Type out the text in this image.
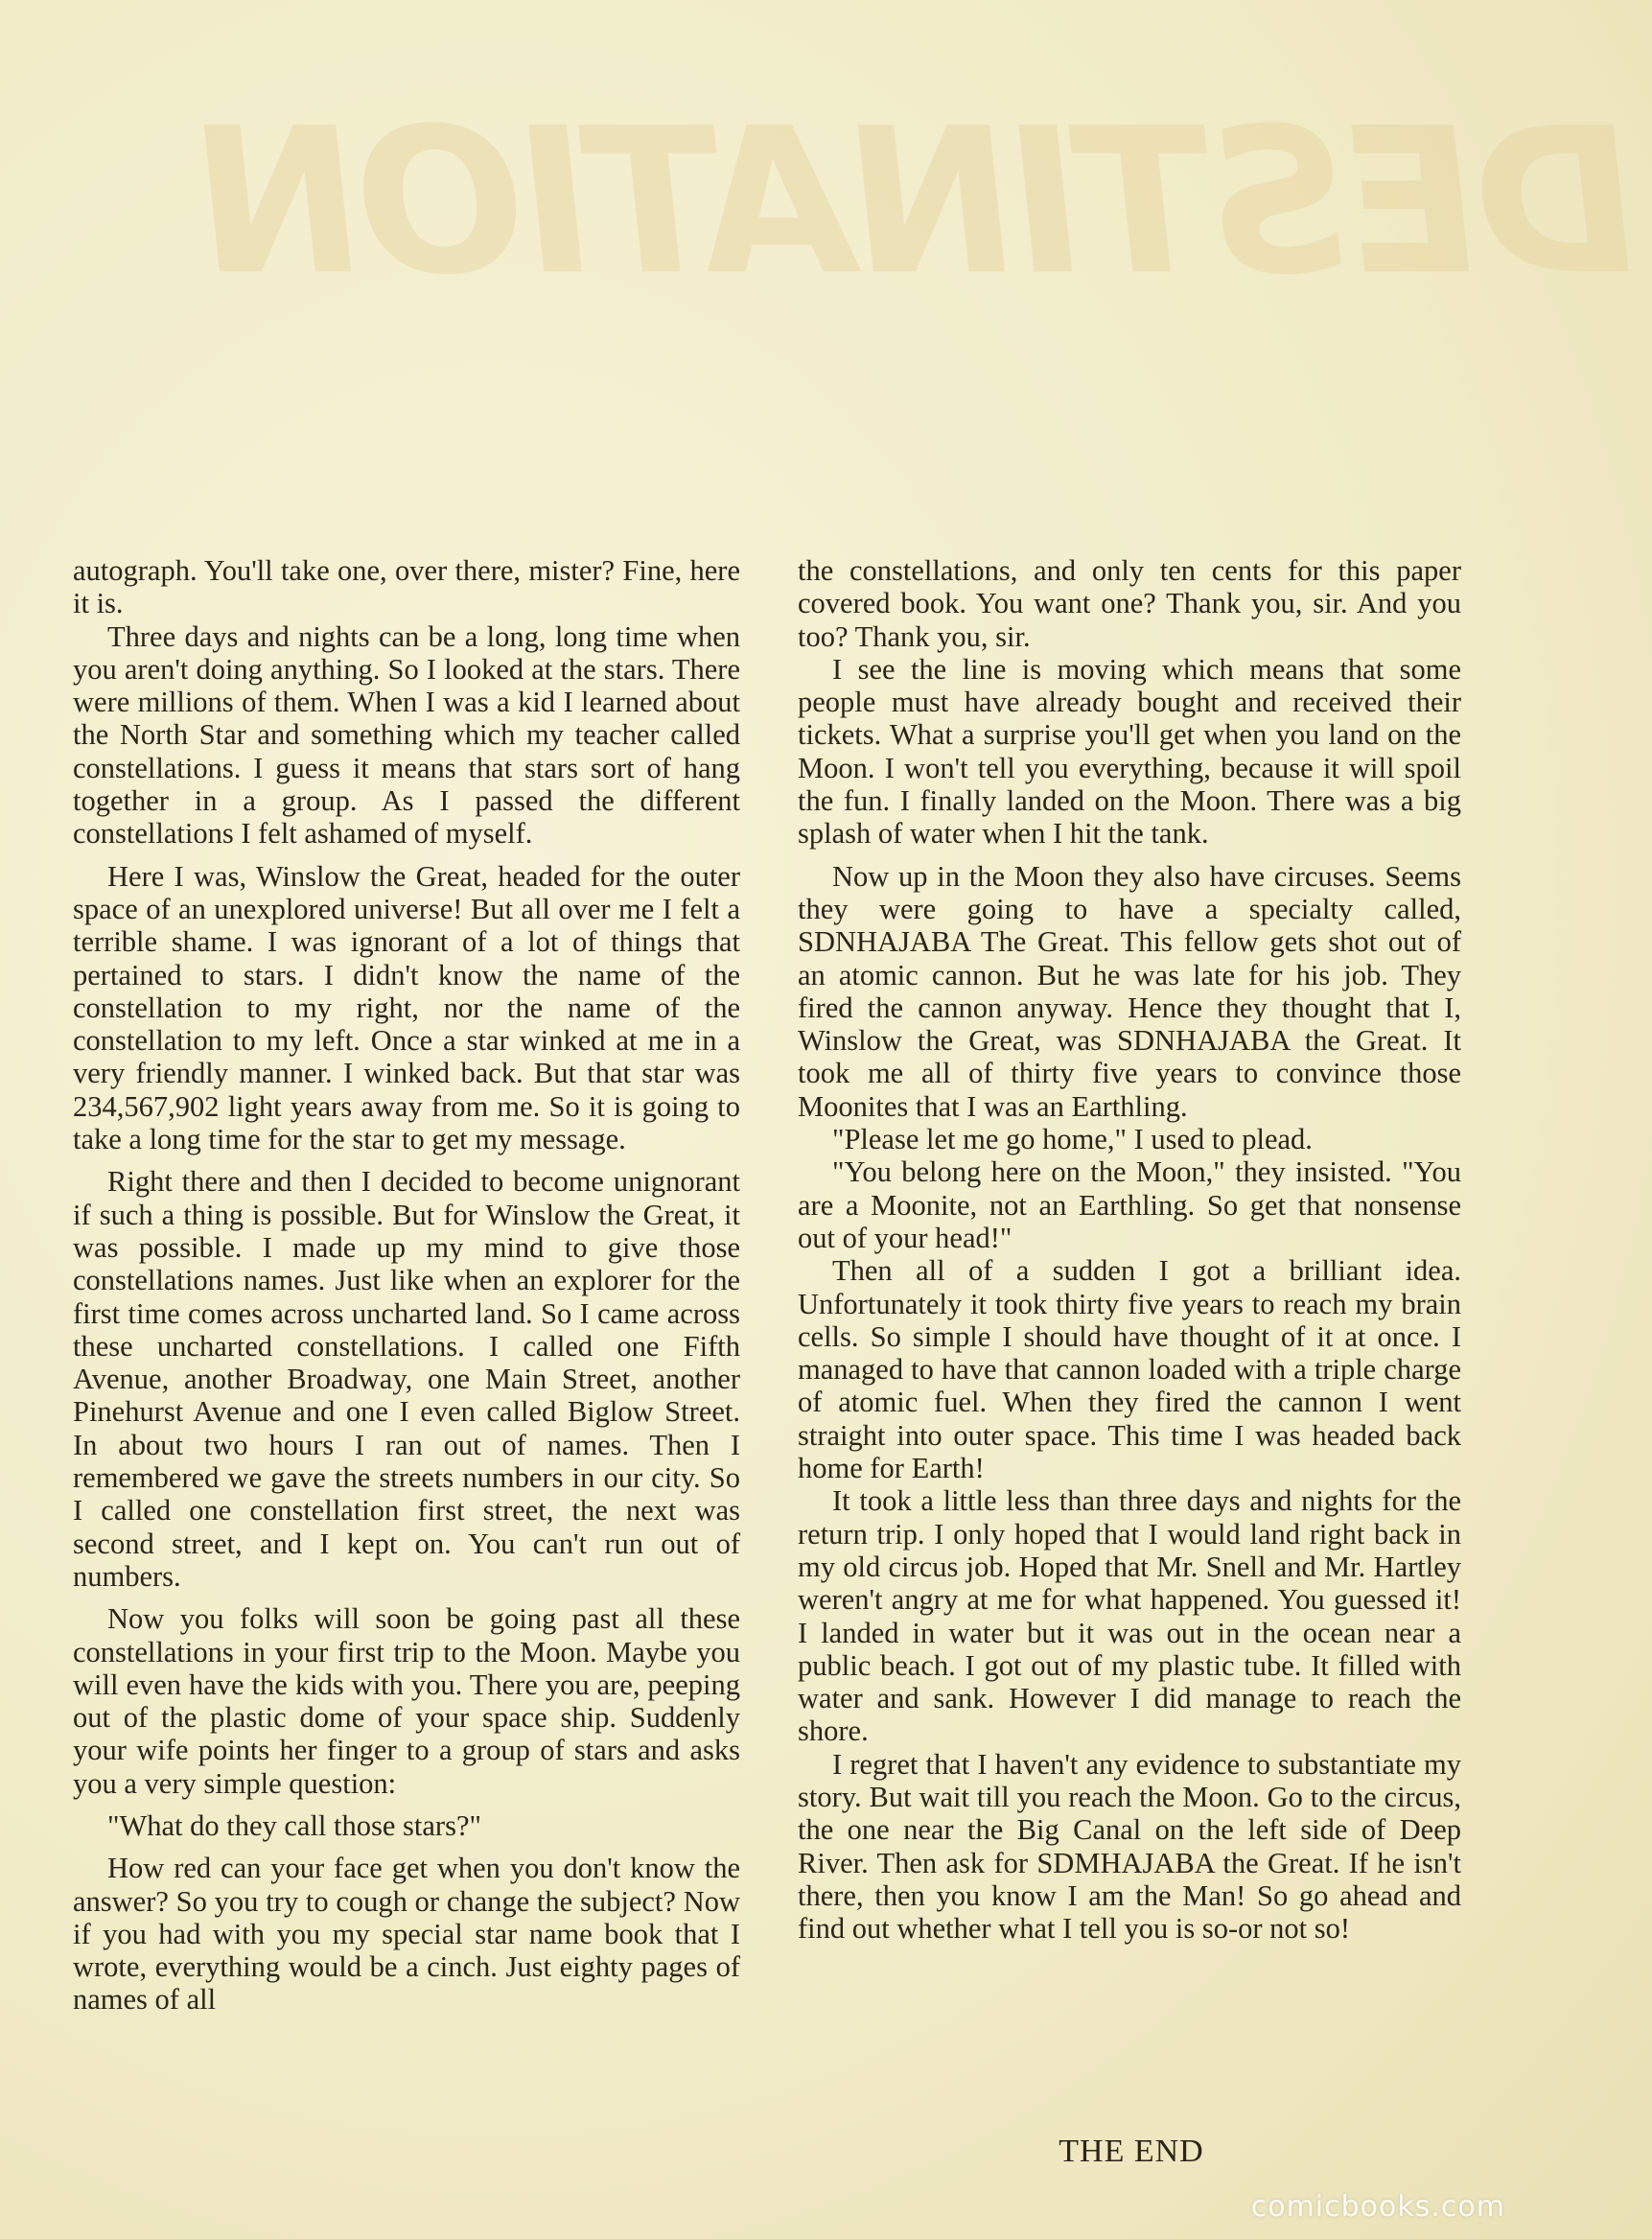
DESTINATION

autograph. You'll take one, over there, mister? Fine, here it is.

Three days and nights can be a long, long time when you aren't doing anything. So I looked at the stars. There were millions of them. When I was a kid I learned about the North Star and something which my teacher called constellations. I guess it means that stars sort of hang together in a group. As I passed the different constellations I felt ashamed of myself.

Here I was, Winslow the Great, headed for the outer space of an unexplored universe! But all over me I felt a terrible shame. I was ignorant of a lot of things that pertained to stars. I didn't know the name of the constellation to my right, nor the name of the constellation to my left. Once a star winked at me in a very friendly manner. I winked back. But that star was 234,567,902 light years away from me. So it is going to take a long time for the star to get my message.

Right there and then I decided to become unignorant if such a thing is possible. But for Winslow the Great, it was possible. I made up my mind to give those constellations names. Just like when an explorer for the first time comes across uncharted land. So I came across these uncharted constellations. I called one Fifth Avenue, another Broadway, one Main Street, another Pinehurst Avenue and one I even called Biglow Street. In about two hours I ran out of names. Then I remembered we gave the streets numbers in our city. So I called one constellation first street, the next was second street, and I kept on. You can't run out of numbers.

Now you folks will soon be going past all these constellations in your first trip to the Moon. Maybe you will even have the kids with you. There you are, peeping out of the plastic dome of your space ship. Suddenly your wife points her finger to a group of stars and asks you a very simple question:

"What do they call those stars?"

How red can your face get when you don't know the answer? So you try to cough or change the subject? Now if you had with you my special star name book that I wrote, everything would be a cinch. Just eighty pages of names of all

the constellations, and only ten cents for this paper covered book. You want one? Thank you, sir. And you too? Thank you, sir.

I see the line is moving which means that some people must have already bought and received their tickets. What a surprise you'll get when you land on the Moon. I won't tell you everything, because it will spoil the fun. I finally landed on the Moon. There was a big splash of water when I hit the tank.

Now up in the Moon they also have circuses. Seems they were going to have a specialty called, SDNHAJABA The Great. This fellow gets shot out of an atomic cannon. But he was late for his job. They fired the cannon anyway. Hence they thought that I, Winslow the Great, was SDNHAJABA the Great. It took me all of thirty five years to convince those Moonites that I was an Earthling.

"Please let me go home," I used to plead.

"You belong here on the Moon," they insisted. "You are a Moonite, not an Earthling. So get that nonsense out of your head!"

Then all of a sudden I got a brilliant idea. Unfortunately it took thirty five years to reach my brain cells. So simple I should have thought of it at once. I managed to have that cannon loaded with a triple charge of atomic fuel. When they fired the cannon I went straight into outer space. This time I was headed back home for Earth!

It took a little less than three days and nights for the return trip. I only hoped that I would land right back in my old circus job. Hoped that Mr. Snell and Mr. Hartley weren't angry at me for what happened. You guessed it! I landed in water but it was out in the ocean near a public beach. I got out of my plastic tube. It filled with water and sank. However I did manage to reach the shore.

I regret that I haven't any evidence to substantiate my story. But wait till you reach the Moon. Go to the circus, the one near the Big Canal on the left side of Deep River. Then ask for SDMHAJABA the Great. If he isn't there, then you know I am the Man! So go ahead and find out whether what I tell you is so-or not so!

THE END
comicbooks.com
